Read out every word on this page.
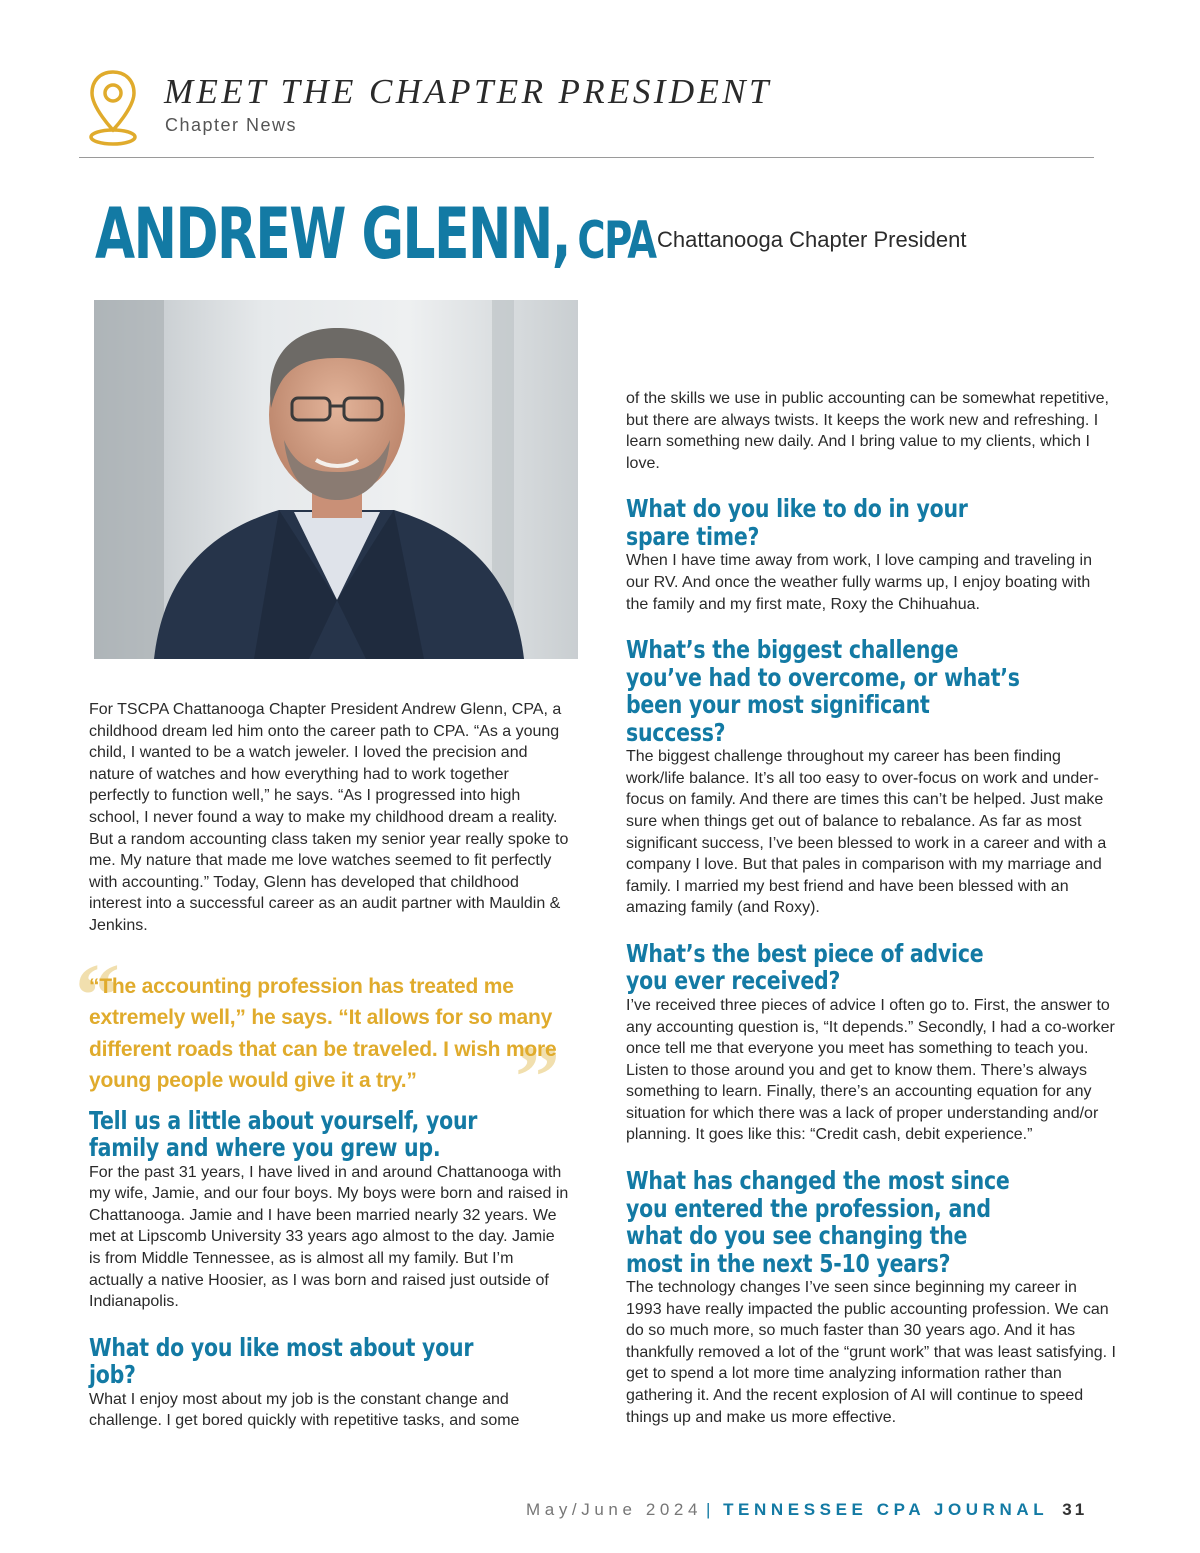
MEET THE CHAPTER PRESIDENT
Chapter News
ANDREW GLENN, CPA Chattanooga Chapter President

For TSCPA Chattanooga Chapter President Andrew Glenn, CPA, a childhood dream led him onto the career path to CPA. “As a young child, I wanted to be a watch jeweler. I loved the precision and nature of watches and how everything had to work together perfectly to function well,” he says. “As I progressed into high school, I never found a way to make my childhood dream a reality. But a random accounting class taken my senior year really spoke to me. My nature that made me love watches seemed to fit perfectly with accounting.” Today, Glenn has developed that childhood interest into a successful career as an audit partner with Mauldin & Jenkins.

“
”
“The accounting profession has treated me extremely well,” he says. “It allows for so many different roads that can be traveled. I wish more young people would give it a try.”
Tell us a little about yourself, your family and where you grew up.

For the past 31 years, I have lived in and around Chattanooga with my wife, Jamie, and our four boys. My boys were born and raised in Chattanooga. Jamie and I have been married nearly 32 years. We met at Lipscomb University 33 years ago almost to the day. Jamie is from Middle Tennessee, as is almost all my family. But I’m actually a native Hoosier, as I was born and raised just outside of Indianapolis.

What do you like most about your job?

What I enjoy most about my job is the constant change and challenge. I get bored quickly with repetitive tasks, and some

of the skills we use in public accounting can be somewhat repetitive, but there are always twists. It keeps the work new and refreshing. I learn something new daily. And I bring value to my clients, which I love.

What do you like to do in your spare time?

When I have time away from work, I love camping and traveling in our RV. And once the weather fully warms up, I enjoy boating with the family and my first mate, Roxy the Chihuahua.

What’s the biggest challenge you’ve had to overcome, or what’s been your most significant success?

The biggest challenge throughout my career has been finding work/life balance. It’s all too easy to over-focus on work and under-focus on family. And there are times this can’t be helped. Just make sure when things get out of balance to rebalance. As far as most significant success, I’ve been blessed to work in a career and with a company I love. But that pales in comparison with my marriage and family. I married my best friend and have been blessed with an amazing family (and Roxy).

What’s the best piece of advice you ever received?

I’ve received three pieces of advice I often go to. First, the answer to any accounting question is, “It depends.” Secondly, I had a co-worker once tell me that everyone you meet has something to teach you. Listen to those around you and get to know them. There’s always something to learn. Finally, there’s an accounting equation for any situation for which there was a lack of proper understanding and/or planning. It goes like this: “Credit cash, debit experience.”

What has changed the most since you entered the profession, and what do you see changing the most in the next 5-10 years?

The technology changes I’ve seen since beginning my career in 1993 have really impacted the public accounting profession. We can do so much more, so much faster than 30 years ago. And it has thankfully removed a lot of the “grunt work” that was least satisfying. I get to spend a lot more time analyzing information rather than gathering it. And the recent explosion of AI will continue to speed things up and make us more effective.

May/June 2024 | TENNESSEE CPA JOURNAL 31
